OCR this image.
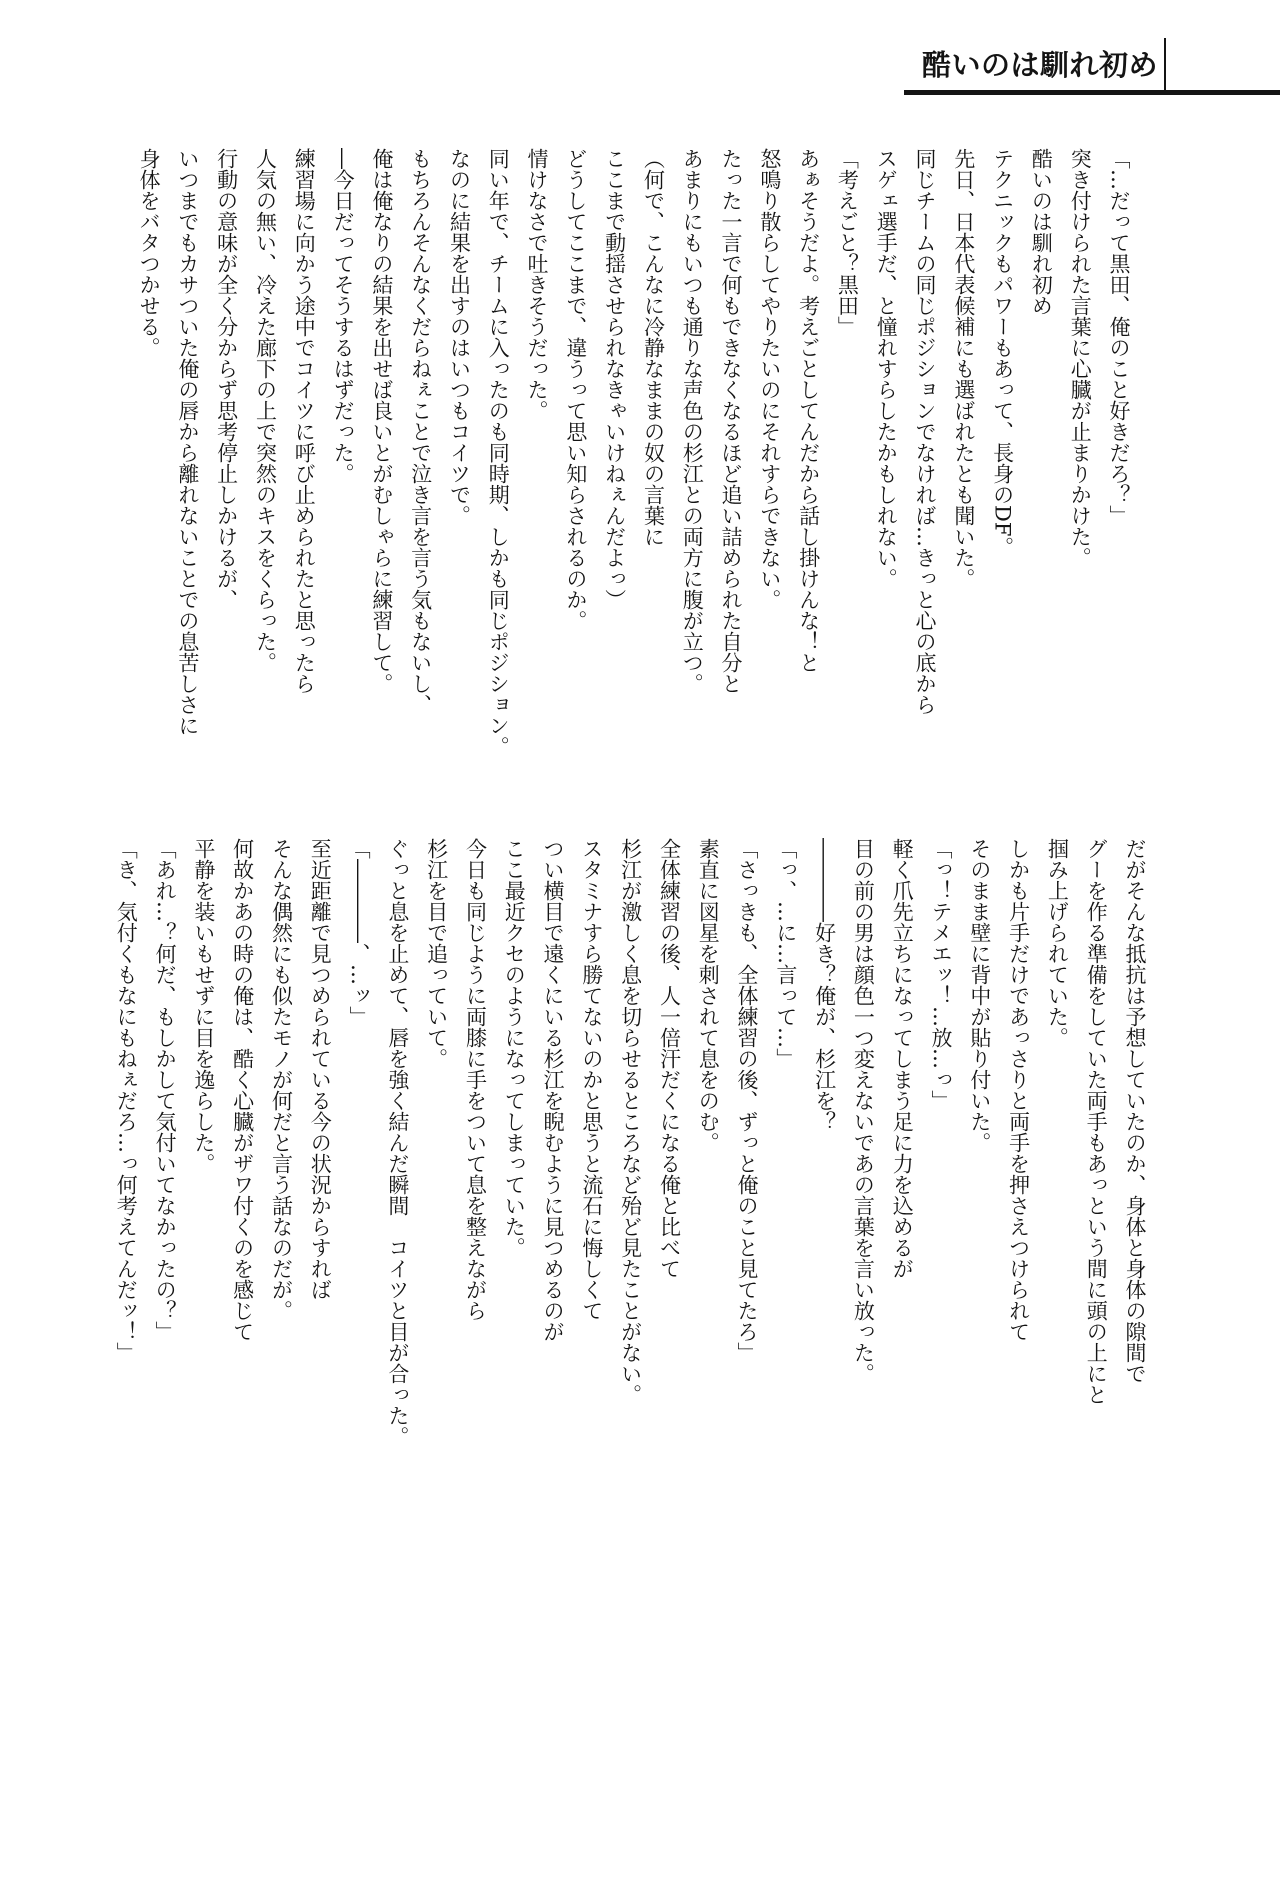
酷いのは馴れ初め

「…だって黒田、俺のこと好きだろ？」

突き付けられた言葉に心臓が止まりかけた。

酷いのは馴れ初め

テクニックもパワーもあって、長身のDF。

先日、日本代表候補にも選ばれたとも聞いた。

同じチームの同じポジションでなければ…きっと心の底から

スゲェ選手だ、と憧れすらしたかもしれない。

「考えごと？黒田」

あぁそうだよ。考えごとしてんだから話し掛けんな！と

怒鳴り散らしてやりたいのにそれすらできない。

たった一言で何もできなくなるほど追い詰められた自分と

あまりにもいつも通りな声色の杉江との両方に腹が立つ。

（何で、こんなに冷静なままの奴の言葉に

ここまで動揺させられなきゃいけねぇんだよっ）

どうしてここまで、違うって思い知らされるのか。

情けなさで吐きそうだった。

同い年で、チームに入ったのも同時期、しかも同じポジション。

なのに結果を出すのはいつもコイツで。

もちろんそんなくだらねぇことで泣き言を言う気もないし、

俺は俺なりの結果を出せば良いとがむしゃらに練習して。

―今日だってそうするはずだった。

練習場に向かう途中でコイツに呼び止められたと思ったら

人気の無い、冷えた廊下の上で突然のキスをくらった。

行動の意味が全く分からず思考停止しかけるが、

いつまでもカサついた俺の唇から離れないことでの息苦しさに

身体をバタつかせる。

だがそんな抵抗は予想していたのか、身体と身体の隙間で

グーを作る準備をしていた両手もあっという間に頭の上にと

掴み上げられていた。

しかも片手だけであっさりと両手を押さえつけられて

そのまま壁に背中が貼り付いた。

「っ！テメエッ！…放…っ」

軽く爪先立ちになってしまう足に力を込めるが

目の前の男は顔色一つ変えないであの言葉を言い放った。

――――好き？俺が、杉江を？

「っ、…に…言って…」

「さっきも、全体練習の後、ずっと俺のこと見てたろ」

素直に図星を刺されて息をのむ。

全体練習の後、人一倍汗だくになる俺と比べて

杉江が激しく息を切らせるところなど殆ど見たことがない。

スタミナすら勝てないのかと思うと流石に悔しくて

つい横目で遠くにいる杉江を睨むように見つめるのが

ここ最近クセのようになってしまっていた。

今日も同じように両膝に手をついて息を整えながら

杉江を目で追っていて。

ぐっと息を止めて、唇を強く結んだ瞬間　コイツと目が合った。

「――――、…ッ」

至近距離で見つめられている今の状況からすれば

そんな偶然にも似たモノが何だと言う話なのだが。

何故かあの時の俺は、酷く心臓がザワ付くのを感じて

平静を装いもせずに目を逸らした。

「あれ…？何だ、もしかして気付いてなかったの？」

「き、気付くもなにもねぇだろ…っ何考えてんだッ！」
